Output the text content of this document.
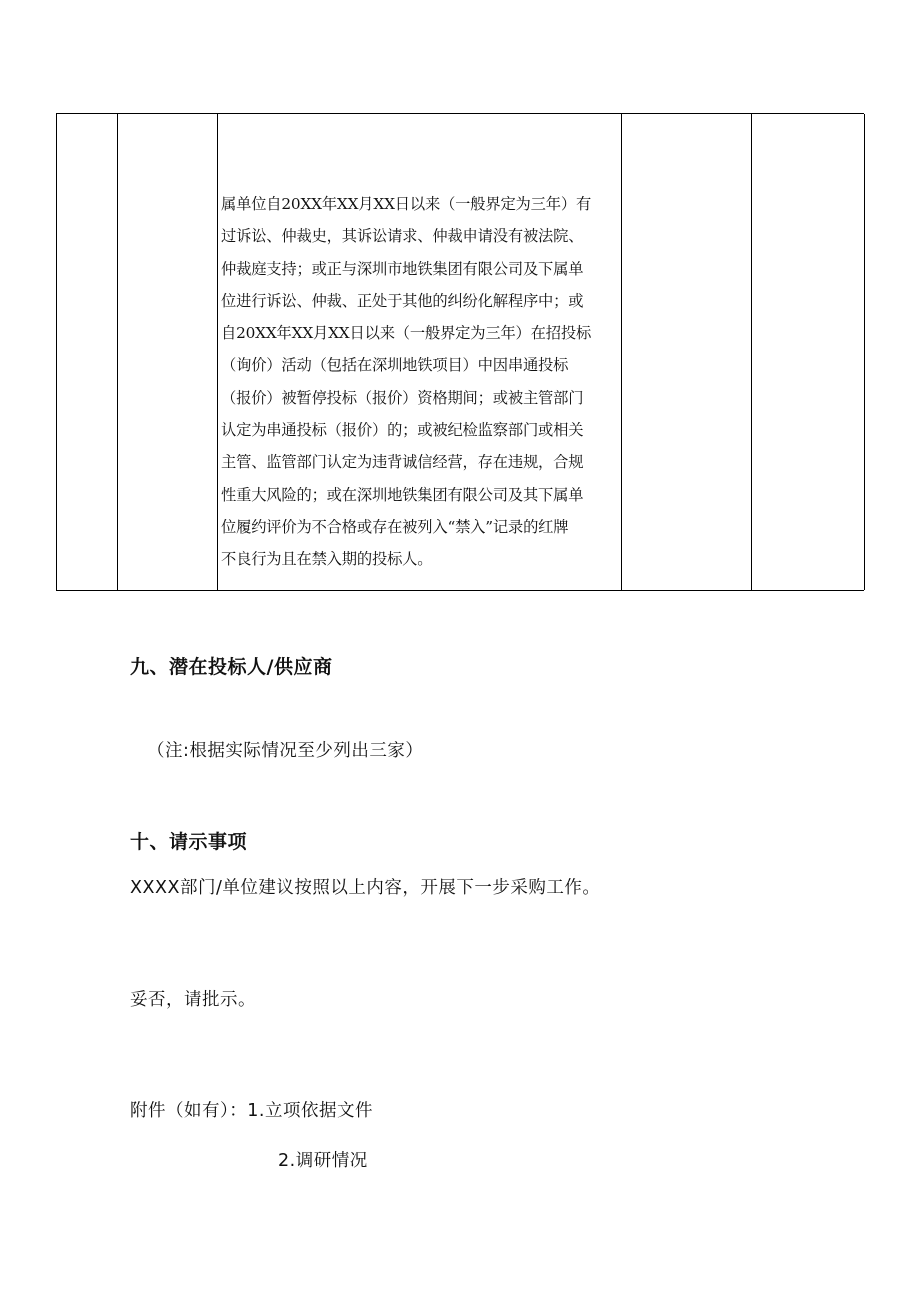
属单位自20XX年XX月XX日以来（一般界定为三年）有
过诉讼、仲裁史，其诉讼请求、仲裁申请没有被法院、
仲裁庭支持；或正与深圳市地铁集团有限公司及下属单
位进行诉讼、仲裁、正处于其他的纠纷化解程序中；或
自20XX年XX月XX日以来（一般界定为三年）在招投标
（询价）活动（包括在深圳地铁项目）中因串通投标
（报价）被暂停投标（报价）资格期间；或被主管部门
认定为串通投标（报价）的；或被纪检监察部门或相关
主管、监管部门认定为违背诚信经营，存在违规，合规
性重大风险的；或在深圳地铁集团有限公司及其下属单
位履约评价为不合格或存在被列入“禁入”记录的红牌
不良行为且在禁入期的投标人。
九、潜在投标人/供应商
（注:根据实际情况至少列出三家）
十、请示事项
XXXX部门/单位建议按照以上内容，开展下一步采购工作。
妥否，请批示。
附件（如有）：1.立项依据文件
2.调研情况
